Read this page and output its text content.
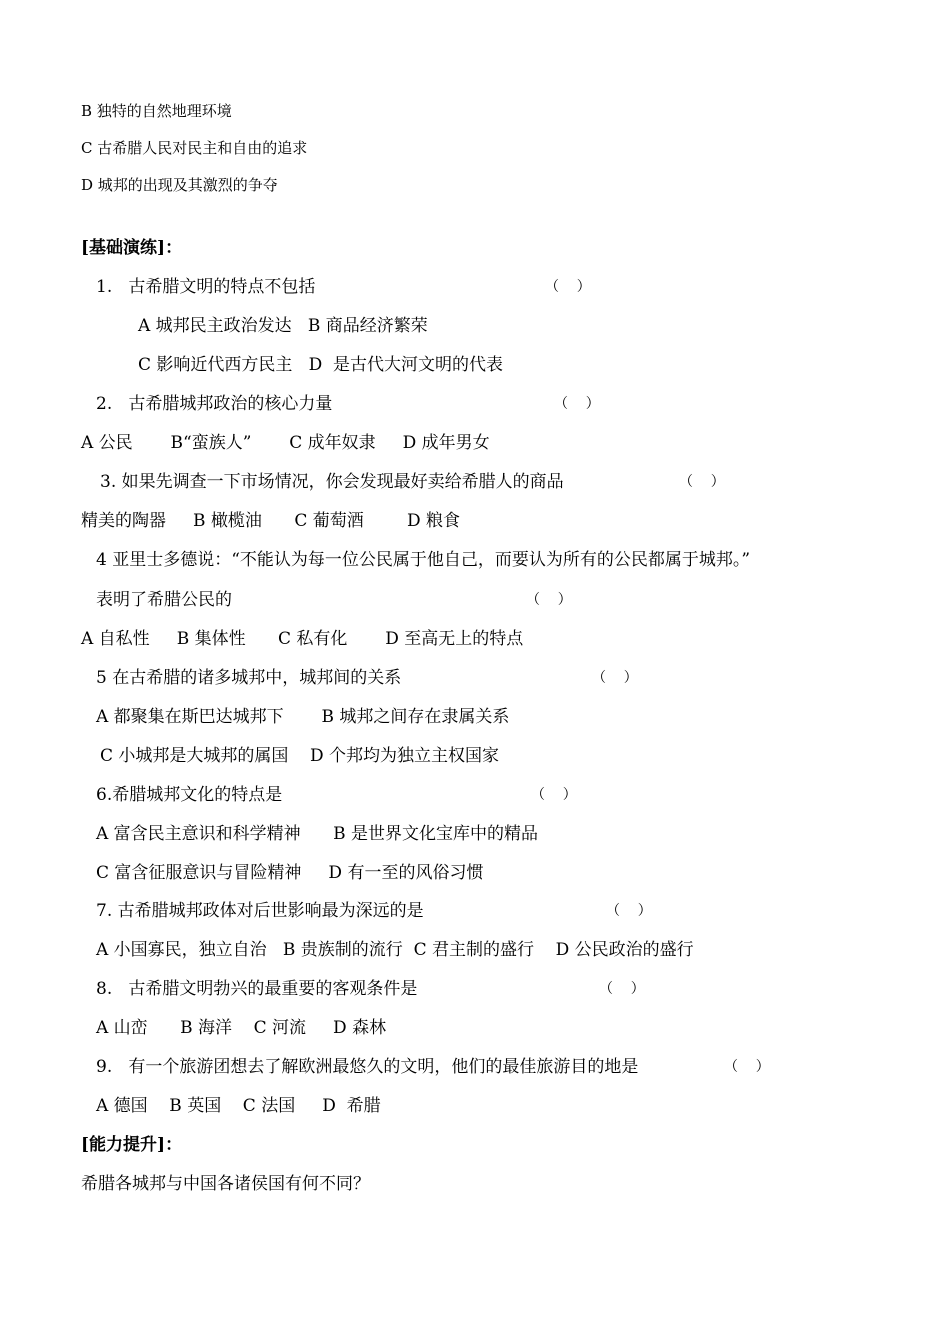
B 独特的自然地理环境
C 古希腊人民对民主和自由的追求
D 城邦的出现及其激烈的争夺
[基础演练]：
1.   古希腊文明的特点不包括	（    ）
A 城邦民主政治发达   B 商品经济繁荣
C 影响近代西方民主   D  是古代大河文明的代表
2.   古希腊城邦政治的核心力量	（    ）
A 公民       B“蛮族人”       C 成年奴隶     D 成年男女
3. 如果先调查一下市场情况，你会发现最好卖给希腊人的商品	（    ）
精美的陶器     B 橄榄油      C 葡萄酒        D 粮食
4 亚里士多德说：“不能认为每一位公民属于他自己，而要认为所有的公民都属于城邦。”
表明了希腊公民的	（    ）
A 自私性     B 集体性      C 私有化       D 至高无上的特点
5 在古希腊的诸多城邦中，城邦间的关系	（    ）
A 都聚集在斯巴达城邦下       B 城邦之间存在隶属关系
C 小城邦是大城邦的属国    D 个邦均为独立主权国家
6.希腊城邦文化的特点是	（    ）
A 富含民主意识和科学精神      B 是世界文化宝库中的精品
C 富含征服意识与冒险精神     D 有一至的风俗习惯
7. 古希腊城邦政体对后世影响最为深远的是	（    ）
A 小国寡民，独立自治   B 贵族制的流行  C 君主制的盛行    D 公民政治的盛行
8.   古希腊文明勃兴的最重要的客观条件是	（    ）
A 山峦      B 海洋    C 河流     D 森林
9.   有一个旅游团想去了解欧洲最悠久的文明，他们的最佳旅游目的地是	（    ）
A 德国    B 英国    C 法国     D  希腊
[能力提升]：
希腊各城邦与中国各诸侯国有何不同？
